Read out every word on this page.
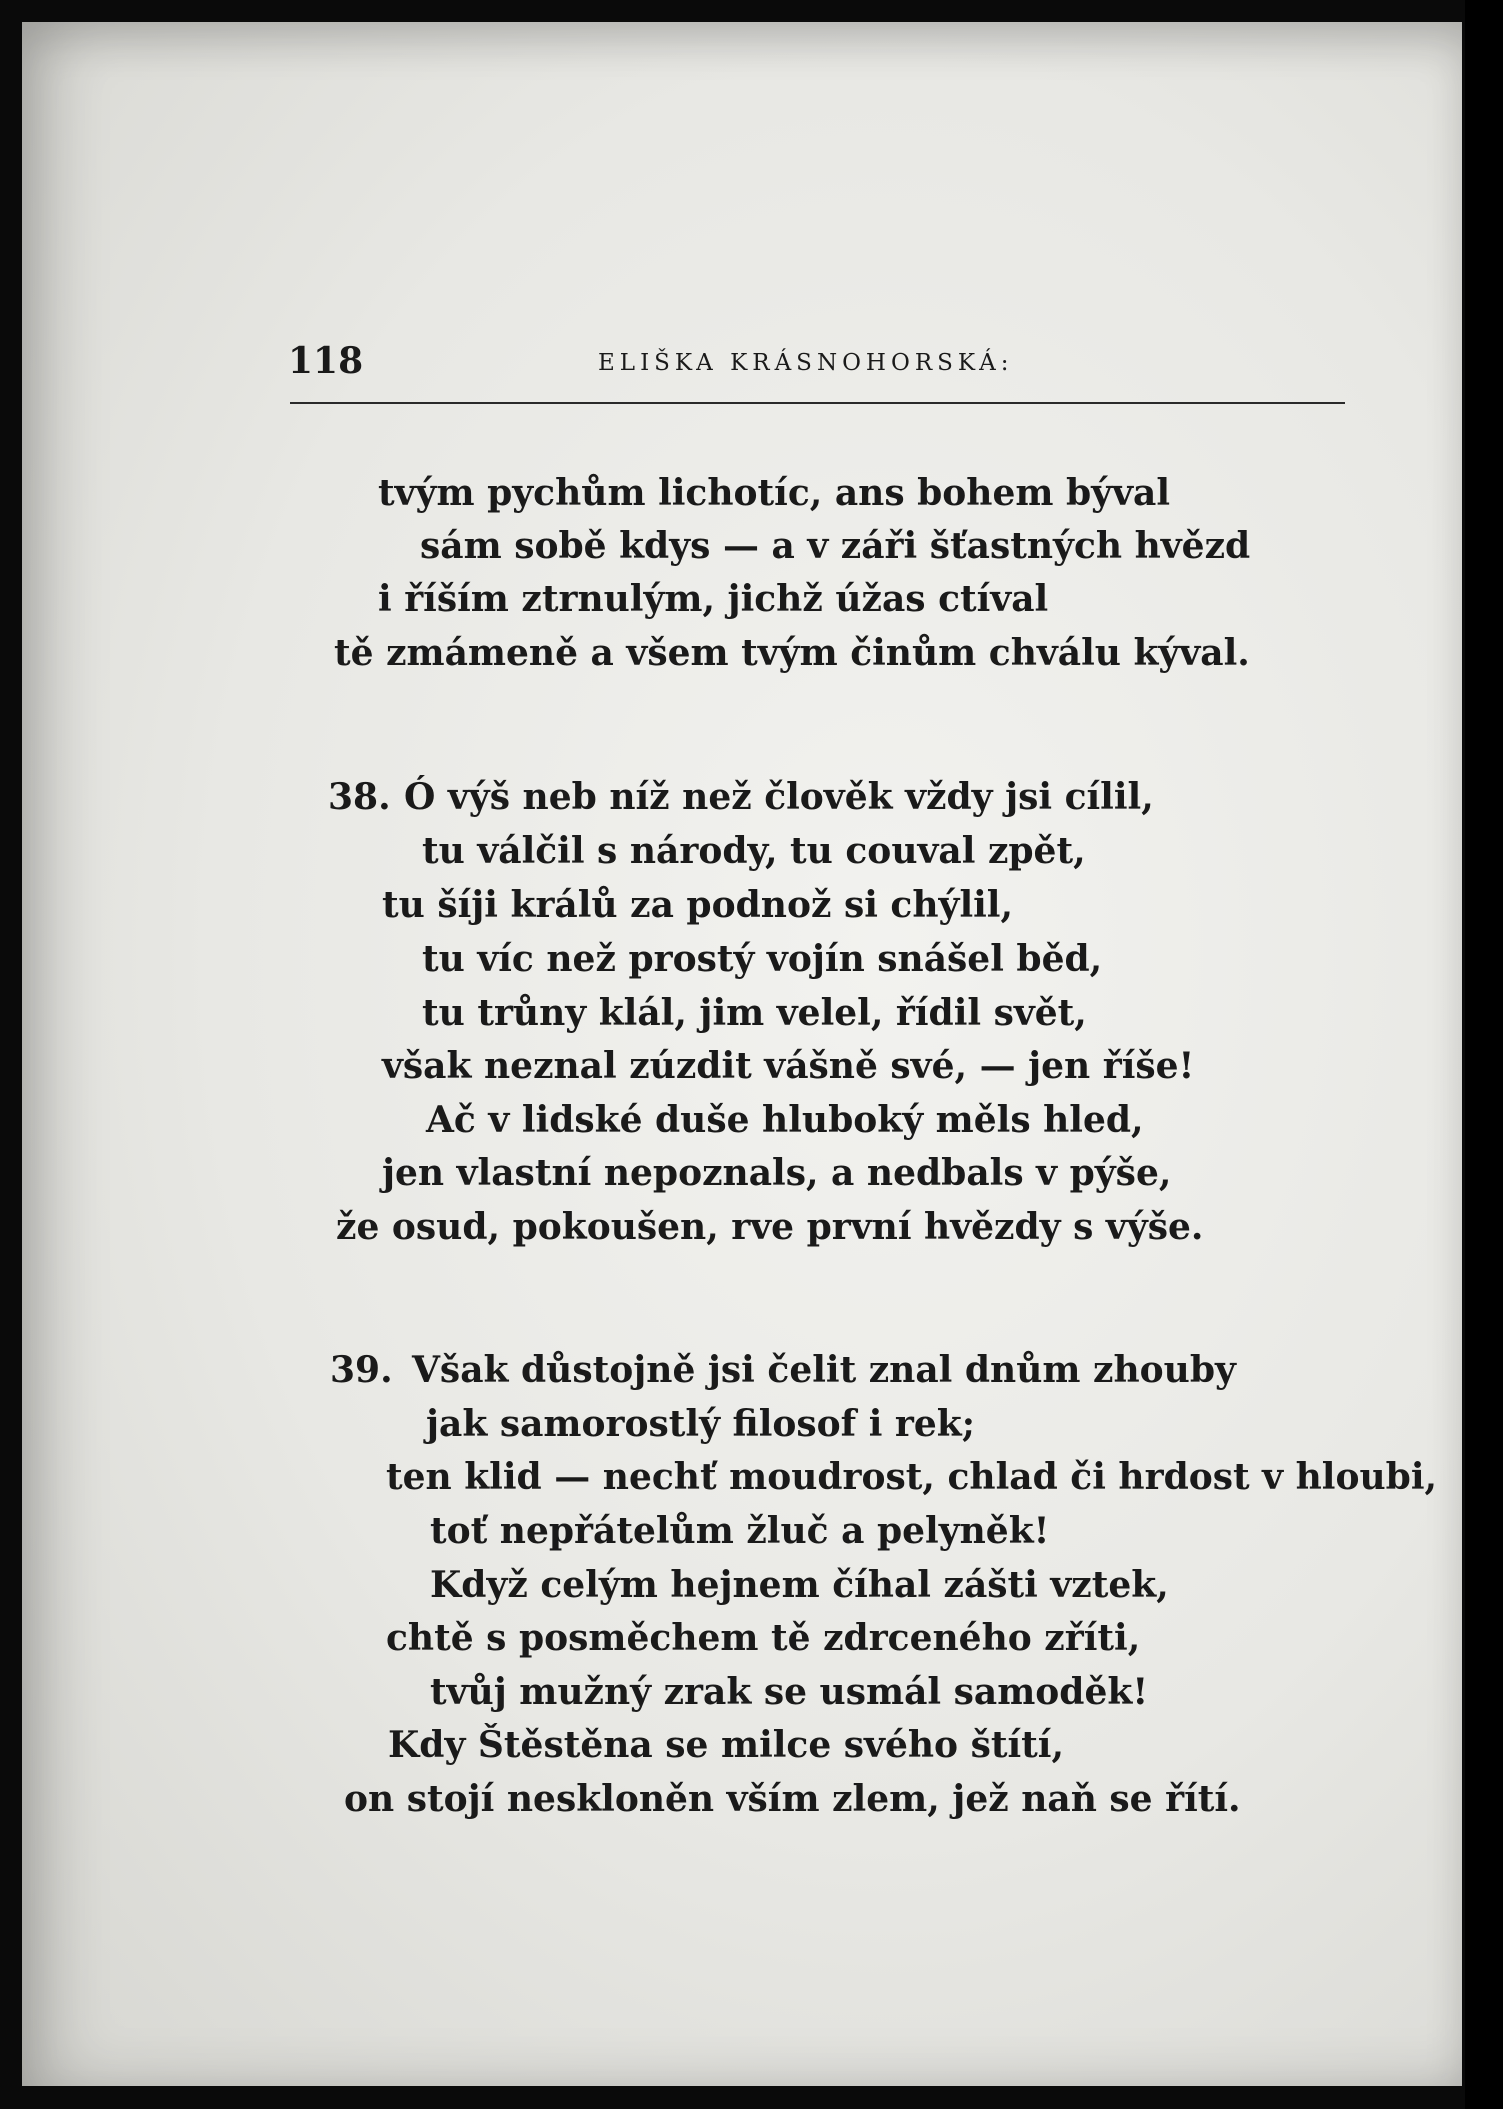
118	ELIŠKA KRÁSNOHORSKÁ:
tvým pychům lichotíc, ans bohem býval
sám sobě kdys — a v záři šťastných hvězd
i říším ztrnulým, jichž úžas ctíval
tě zmámeně a všem tvým činům chválu kýval.
38. Ó výš neb níž než člověk vždy jsi cílil,
tu válčil s národy, tu couval zpět,
tu šíji králů za podnož si chýlil,
tu víc než prostý vojín snášel běd,
tu trůny klál, jim velel, řídil svět,
však neznal zúzdit vášně své, — jen říše!
Ač v lidské duše hluboký měls hled,
jen vlastní nepoznals, a nedbals v pýše,
že osud, pokoušen, rve první hvězdy s výše.
39. Však důstojně jsi čelit znal dnům zhouby
jak samorostlý filosof i rek;
ten klid — nechť moudrost, chlad či hrdost v hloubi,
toť nepřátelům žluč a pelyněk!
Když celým hejnem číhal zášti vztek,
chtě s posměchem tě zdrceného zříti,
tvůj mužný zrak se usmál samoděk!
Kdy Štěstěna se milce svého štítí,
on stojí neskloněn vším zlem, jež naň se řítí.
